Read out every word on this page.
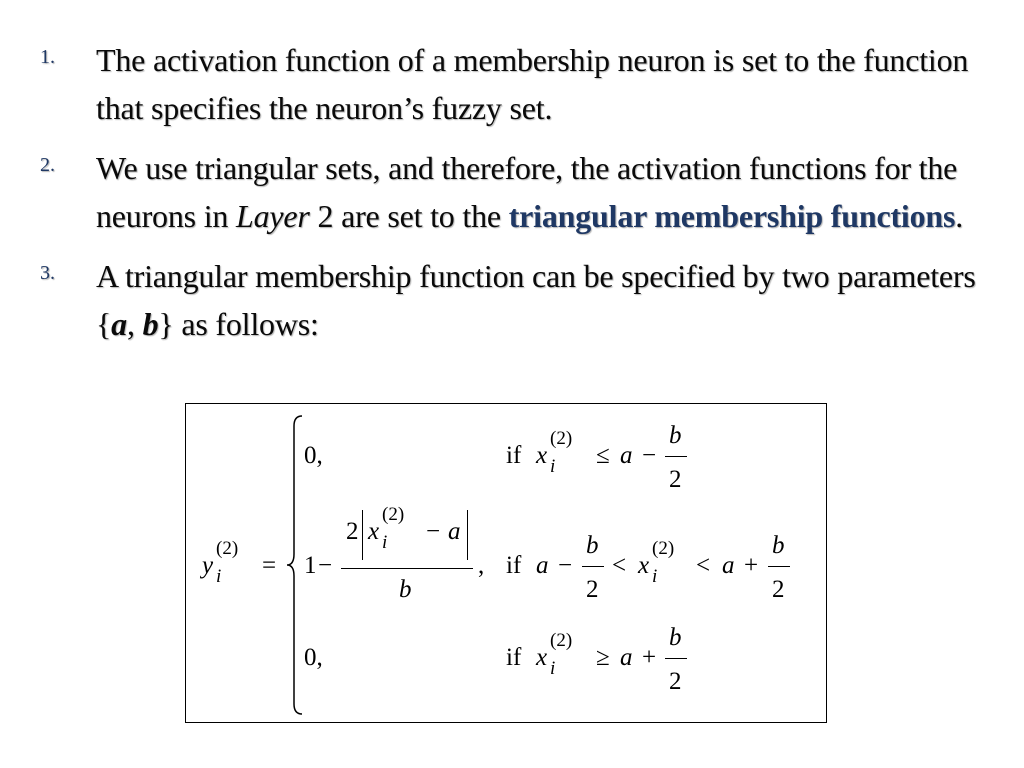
1.	The activation function of a membership neuron is set to the function that specifies the neuron’s fuzzy set.
2.	We use triangular sets, and therefore, the activation functions for the neurons in Layer 2 are set to the triangular membership functions.
3.	A triangular membership function can be specified by two parameters {a, b} as follows:
y
(2)
i =
0,	if x
(2)
i ≤ a −
b
2
1 −
2 x
(2)
i − a
b
, if a −
b
2
< x
(2)
i < a +
b
2
0,	if x
(2)
i ≥ a +
b
2
